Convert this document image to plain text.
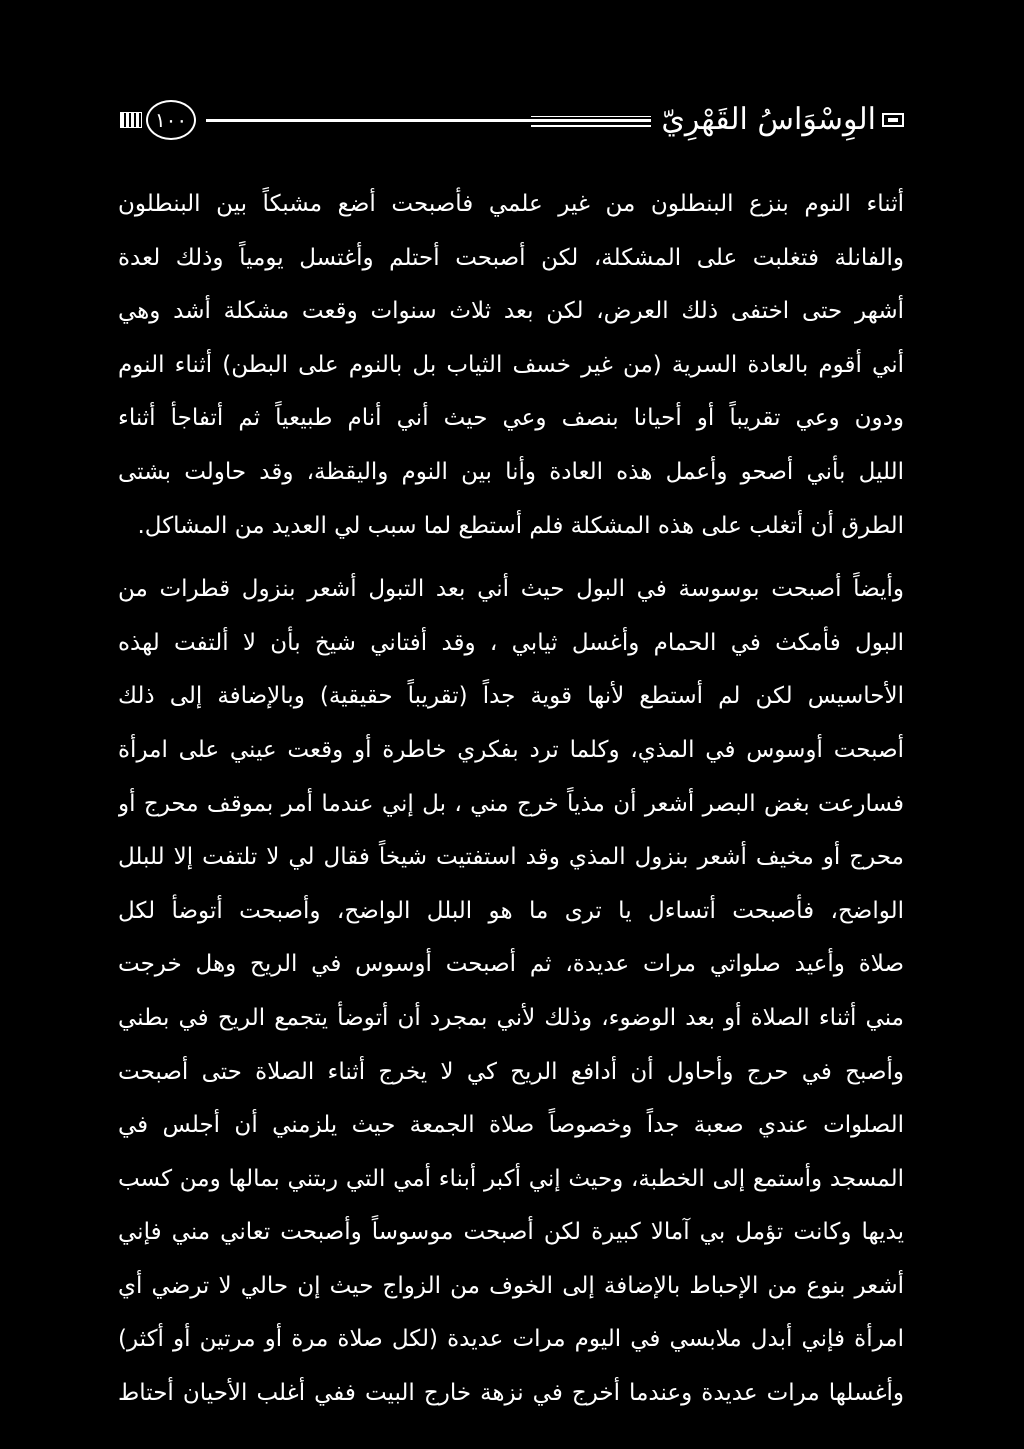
الوِسْوَاسُ القَهْرِيّ
١٠٠
أثناء النوم بنزع البنطلون من غير علمي فأصبحت أضع مشبكاً بين البنطلون
والفانلة فتغلبت على المشكلة، لكن أصبحت أحتلم وأغتسل يومياً وذلك لعدة
أشهر حتى اختفى ذلك العرض، لكن بعد ثلاث سنوات وقعت مشكلة أشد وهي
أني أقوم بالعادة السرية (من غير خسف الثياب بل بالنوم على البطن) أثناء النوم
ودون وعي تقريباً أو أحيانا بنصف وعي حيث أني أنام طبيعياً ثم أتفاجأ أثناء
الليل بأني أصحو وأعمل هذه العادة وأنا بين النوم واليقظة، وقد حاولت بشتى
الطرق أن أتغلب على هذه المشكلة فلم أستطع لما سبب لي العديد من المشاكل.
وأيضاً أصبحت بوسوسة في البول حيث أني بعد التبول أشعر بنزول قطرات من
البول فأمكث في الحمام وأغسل ثيابي ، وقد أفتاني شيخ بأن لا ألتفت لهذه
الأحاسيس لكن لم أستطع لأنها قوية جداً (تقريباً حقيقية) وبالإضافة إلى ذلك
أصبحت أوسوس في المذي، وكلما ترد بفكري خاطرة أو وقعت عيني على امرأة
فسارعت بغض البصر أشعر أن مذياً خرج مني ، بل إني عندما أمر بموقف محرج أو
محرج أو مخيف أشعر بنزول المذي وقد استفتيت شيخاً فقال لي لا تلتفت إلا للبلل
الواضح، فأصبحت أتساءل يا ترى ما هو البلل الواضح، وأصبحت أتوضأ لكل
صلاة وأعيد صلواتي مرات عديدة، ثم أصبحت أوسوس في الريح وهل خرجت
مني أثناء الصلاة أو بعد الوضوء، وذلك لأني بمجرد أن أتوضأ يتجمع الريح في بطني
وأصبح في حرج وأحاول أن أدافع الريح كي لا يخرج أثناء الصلاة حتى أصبحت
الصلوات عندي صعبة جداً وخصوصاً صلاة الجمعة حيث يلزمني أن أجلس في
المسجد وأستمع إلى الخطبة، وحيث إني أكبر أبناء أمي التي ربتني بمالها ومن كسب
يديها وكانت تؤمل بي آمالا كبيرة لكن أصبحت موسوساً وأصبحت تعاني مني فإني
أشعر بنوع من الإحباط بالإضافة إلى الخوف من الزواج حيث إن حالي لا ترضي أي
امرأة فإني أبدل ملابسي في اليوم مرات عديدة (لكل صلاة مرة أو مرتين أو أكثر)
وأغسلها مرات عديدة وعندما أخرج في نزهة خارج البيت ففي أغلب الأحيان أحتاط
